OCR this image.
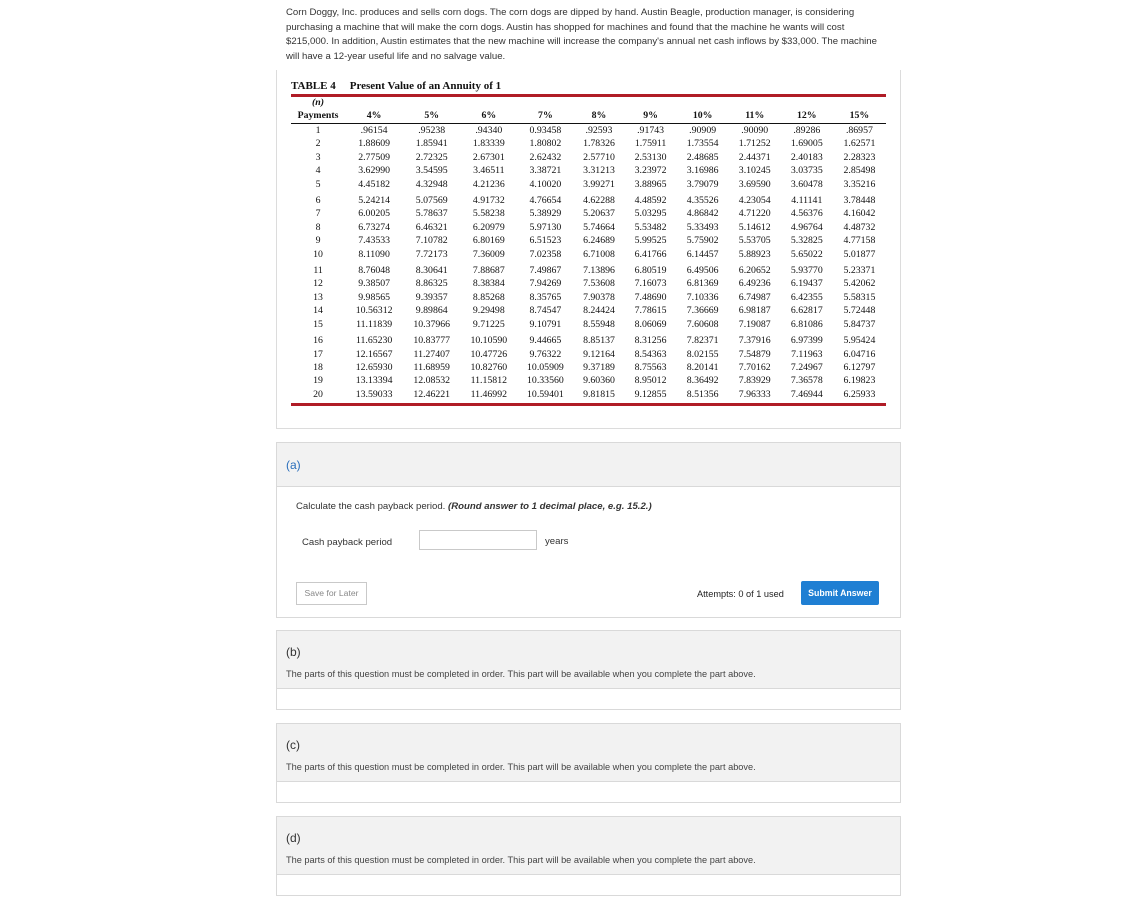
Corn Doggy, Inc. produces and sells corn dogs. The corn dogs are dipped by hand. Austin Beagle, production manager, is considering purchasing a machine that will make the corn dogs. Austin has shopped for machines and found that the machine he wants will cost $215,000. In addition, Austin estimates that the new machine will increase the company's annual net cash inflows by $33,000. The machine will have a 12-year useful life and no salvage value.
TABLE 4 Present Value of an Annuity of 1
(n)										
Payments	4%	5%	6%	7%	8%	9%	10%	11%	12%	15%
1	.96154	.95238	.94340	0.93458	.92593	.91743	.90909	.90090	.89286	.86957
2	1.88609	1.85941	1.83339	1.80802	1.78326	1.75911	1.73554	1.71252	1.69005	1.62571
3	2.77509	2.72325	2.67301	2.62432	2.57710	2.53130	2.48685	2.44371	2.40183	2.28323
4	3.62990	3.54595	3.46511	3.38721	3.31213	3.23972	3.16986	3.10245	3.03735	2.85498
5	4.45182	4.32948	4.21236	4.10020	3.99271	3.88965	3.79079	3.69590	3.60478	3.35216

6	5.24214	5.07569	4.91732	4.76654	4.62288	4.48592	4.35526	4.23054	4.11141	3.78448
7	6.00205	5.78637	5.58238	5.38929	5.20637	5.03295	4.86842	4.71220	4.56376	4.16042
8	6.73274	6.46321	6.20979	5.97130	5.74664	5.53482	5.33493	5.14612	4.96764	4.48732
9	7.43533	7.10782	6.80169	6.51523	6.24689	5.99525	5.75902	5.53705	5.32825	4.77158
10	8.11090	7.72173	7.36009	7.02358	6.71008	6.41766	6.14457	5.88923	5.65022	5.01877

11	8.76048	8.30641	7.88687	7.49867	7.13896	6.80519	6.49506	6.20652	5.93770	5.23371
12	9.38507	8.86325	8.38384	7.94269	7.53608	7.16073	6.81369	6.49236	6.19437	5.42062
13	9.98565	9.39357	8.85268	8.35765	7.90378	7.48690	7.10336	6.74987	6.42355	5.58315
14	10.56312	9.89864	9.29498	8.74547	8.24424	7.78615	7.36669	6.98187	6.62817	5.72448
15	11.11839	10.37966	9.71225	9.10791	8.55948	8.06069	7.60608	7.19087	6.81086	5.84737

16	11.65230	10.83777	10.10590	9.44665	8.85137	8.31256	7.82371	7.37916	6.97399	5.95424
17	12.16567	11.27407	10.47726	9.76322	9.12164	8.54363	8.02155	7.54879	7.11963	6.04716
18	12.65930	11.68959	10.82760	10.05909	9.37189	8.75563	8.20141	7.70162	7.24967	6.12797
19	13.13394	12.08532	11.15812	10.33560	9.60360	8.95012	8.36492	7.83929	7.36578	6.19823
20	13.59033	12.46221	11.46992	10.59401	9.81815	9.12855	8.51356	7.96333	7.46944	6.25933
(a)
Calculate the cash payback period. (Round answer to 1 decimal place, e.g. 15.2.)
Cash payback period	years
Save for Later	Attempts: 0 of 1 used	Submit Answer
(b)
The parts of this question must be completed in order. This part will be available when you complete the part above.
(c)
The parts of this question must be completed in order. This part will be available when you complete the part above.
(d)
The parts of this question must be completed in order. This part will be available when you complete the part above.
